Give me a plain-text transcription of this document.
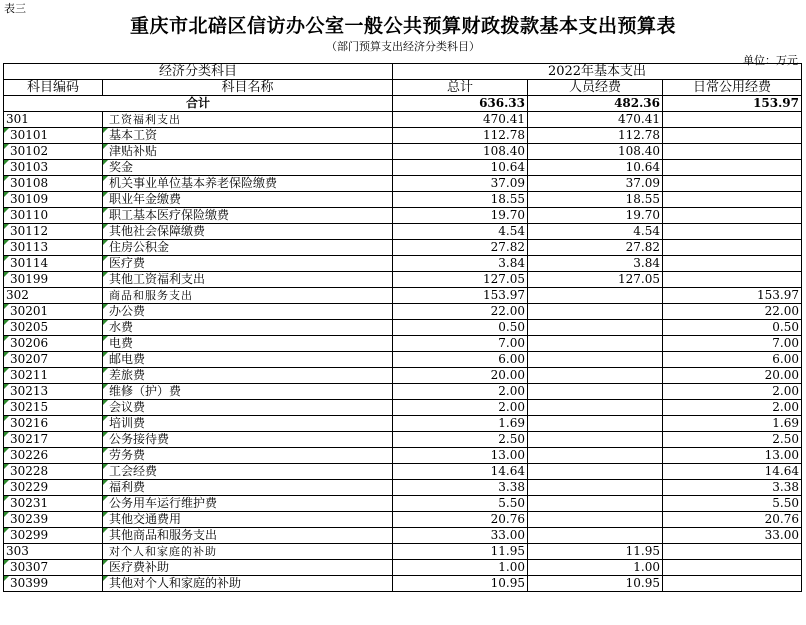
表三
重庆市北碚区信访办公室一般公共预算财政拨款基本支出预算表
（部门预算支出经济分类科目）
单位：万元
经济分类科目		2022年基本支出		
科目编码	科目名称	总计	人员经费	日常公用经费
合计		636.33	482.36	153.97
301	工资福利支出	470.41	470.41	

30101	基本工资	112.78	112.78	

30102	津贴补贴	108.40	108.40	

30103	奖金	10.64	10.64	

30108	机关事业单位基本养老保险缴费	37.09	37.09	

30109	职业年金缴费	18.55	18.55	

30110	职工基本医疗保险缴费	19.70	19.70	

30112	其他社会保障缴费	4.54	4.54	

30113	住房公积金	27.82	27.82	

30114	医疗费	3.84	3.84	

30199	其他工资福利支出	127.05	127.05	
302	商品和服务支出	153.97		153.97

30201	办公费	22.00		22.00

30205	水费	0.50		0.50

30206	电费	7.00		7.00

30207	邮电费	6.00		6.00

30211	差旅费	20.00		20.00

30213	维修（护）费	2.00		2.00

30215	会议费	2.00		2.00

30216	培训费	1.69		1.69

30217	公务接待费	2.50		2.50

30226	劳务费	13.00		13.00

30228	工会经费	14.64		14.64

30229	福利费	3.38		3.38

30231	公务用车运行维护费	5.50		5.50

30239	其他交通费用	20.76		20.76

30299	其他商品和服务支出	33.00		33.00
303	对个人和家庭的补助	11.95	11.95	

30307	医疗费补助	1.00	1.00	

30399	其他对个人和家庭的补助	10.95	10.95	
